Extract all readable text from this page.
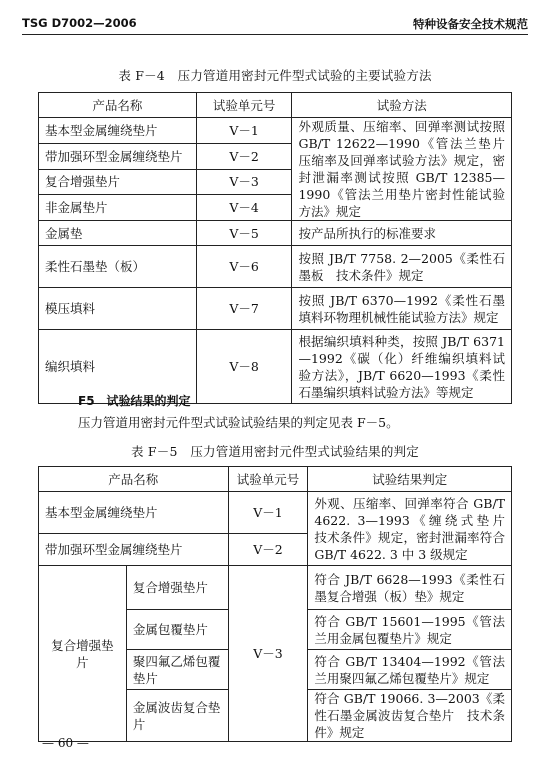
TSG D7002—2006	特种设备安全技术规范
表 F－4　压力管道用密封元件型式试验的主要试验方法
产品名称	试验单元号	试验方法
基本型金属缠绕垫片	Ⅴ－1	外观质量、压缩率、回弹率测试按照 GB/T 12622—1990《管法兰垫片　压缩率及回弹率试验方法》规定，密封泄漏率测试按照 GB/T 12385—1990《管法兰用垫片密封性能试验方法》规定
带加强环型金属缠绕垫片	Ⅴ－2	
复合增强垫片	Ⅴ－3	
非金属垫片	Ⅴ－4	
金属垫	Ⅴ－5	按产品所执行的标准要求
柔性石墨垫（板）	Ⅴ－6	按照 JB/T 7758. 2—2005《柔性石墨板　技术条件》规定
模压填料	Ⅴ－7	按照 JB/T 6370—1992《柔性石墨填料环物理机械性能试验方法》规定
编织填料	Ⅴ－8	根据编织填料种类，按照 JB/T 6371—1992《碳（化）纤维编织填料试验方法》，JB/T 6620—1993《柔性石墨编织填料试验方法》等规定
F5　试验结果的判定
压力管道用密封元件型式试验试验结果的判定见表 F－5。
表 F－5　压力管道用密封元件型式试验结果的判定
产品名称		试验单元号	试验结果判定
基本型金属缠绕垫片		Ⅴ－1	外观、压缩率、回弹率符合 GB/T 4622. 3—1993《缠绕式垫片　技术条件》规定，密封泄漏率符合 GB/T 4622. 3 中 3 级规定
带加强环型金属缠绕垫片		Ⅴ－2	
复合增强垫片	复合增强垫片	Ⅴ－3	符合 JB/T 6628—1993《柔性石墨复合增强（板）垫》规定
	金属包覆垫片		符合 GB/T 15601—1995《管法兰用金属包覆垫片》规定
	聚四氟乙烯包覆垫片		符合 GB/T 13404—1992《管法兰用聚四氟乙烯包覆垫片》规定
	金属波齿复合垫片		符合 GB/T 19066. 3—2003《柔性石墨金属波齿复合垫片　技术条件》规定
— 60 —
